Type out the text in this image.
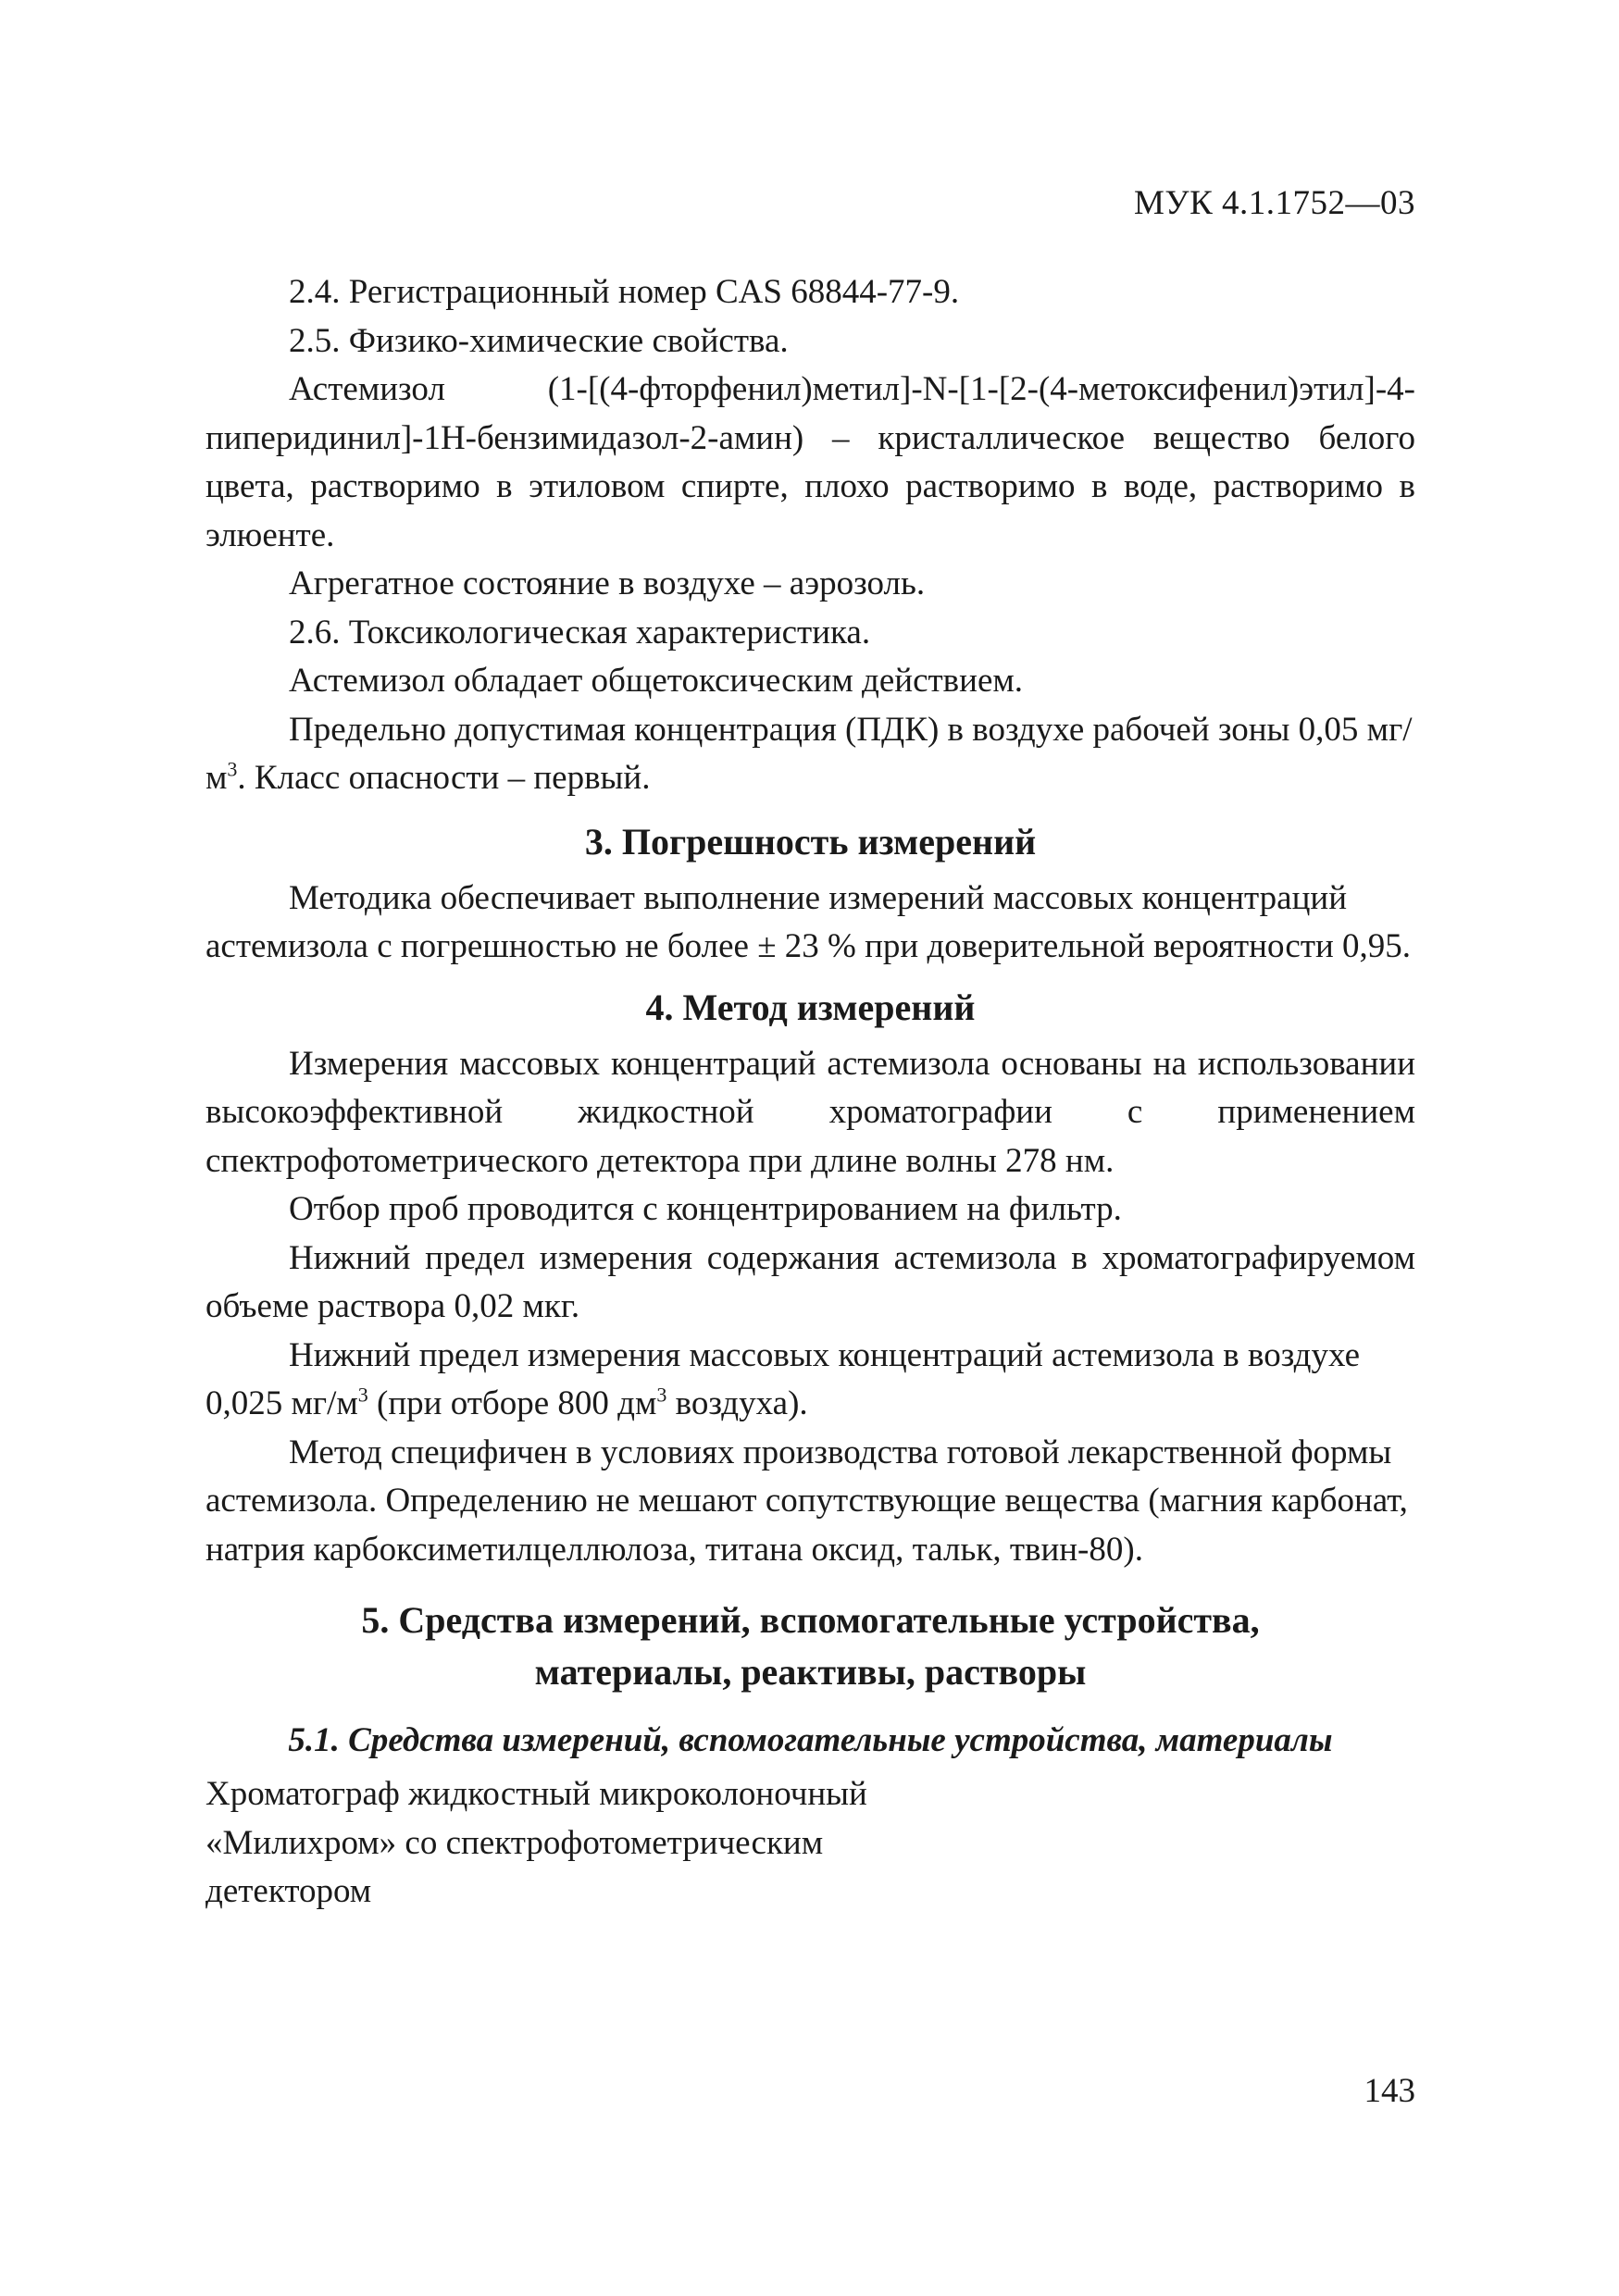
МУК 4.1.1752—03

2.4. Регистрационный номер CAS 68844-77-9.

2.5. Физико-химические свойства.

Астемизол (1-[(4-фторфенил)метил]-N-[1-[2-(4-метоксифенил)этил]-4-пиперидинил]-1Н-бензимидазол-2-амин) – кристаллическое вещество белого цвета, растворимо в этиловом спирте, плохо растворимо в воде, растворимо в элюенте.

Агрегатное состояние в воздухе – аэрозоль.

2.6. Токсикологическая характеристика.

Астемизол обладает общетоксическим действием.

Предельно допустимая концентрация (ПДК) в воздухе рабочей зоны 0,05 $мг/м^3$. Класс опасности – первый.

3. Погрешность измерений

Методика обеспечивает выполнение измерений массовых концентраций астемизола с погрешностью не более ± 23 % при доверительной вероятности 0,95.

4. Метод измерений

Измерения массовых концентраций астемизола основаны на использовании высокоэффективной жидкостной хроматографии с применением спектрофотометрического детектора при длине волны 278 нм.

Отбор проб проводится с концентрированием на фильтр.

Нижний предел измерения содержания астемизола в хроматографируемом объеме раствора 0,02 мкг.

Нижний предел измерения массовых концентраций астемизола в воздухе 0,025 $мг/м^3$ (при отборе 800 $дм^3$ воздуха).

Метод специфичен в условиях производства готовой лекарственной формы астемизола. Определению не мешают сопутствующие вещества (магния карбонат, натрия карбоксиметилцеллюлоза, титана оксид, тальк, твин-80).

5. Средства измерений, вспомогательные устройства,
материалы, реактивы, растворы
5.1. Средства измерений, вспомогательные устройства, материалы

Хроматограф жидкостный микроколоночный
«Милихром» со спектрофотометрическим
детектором

143
